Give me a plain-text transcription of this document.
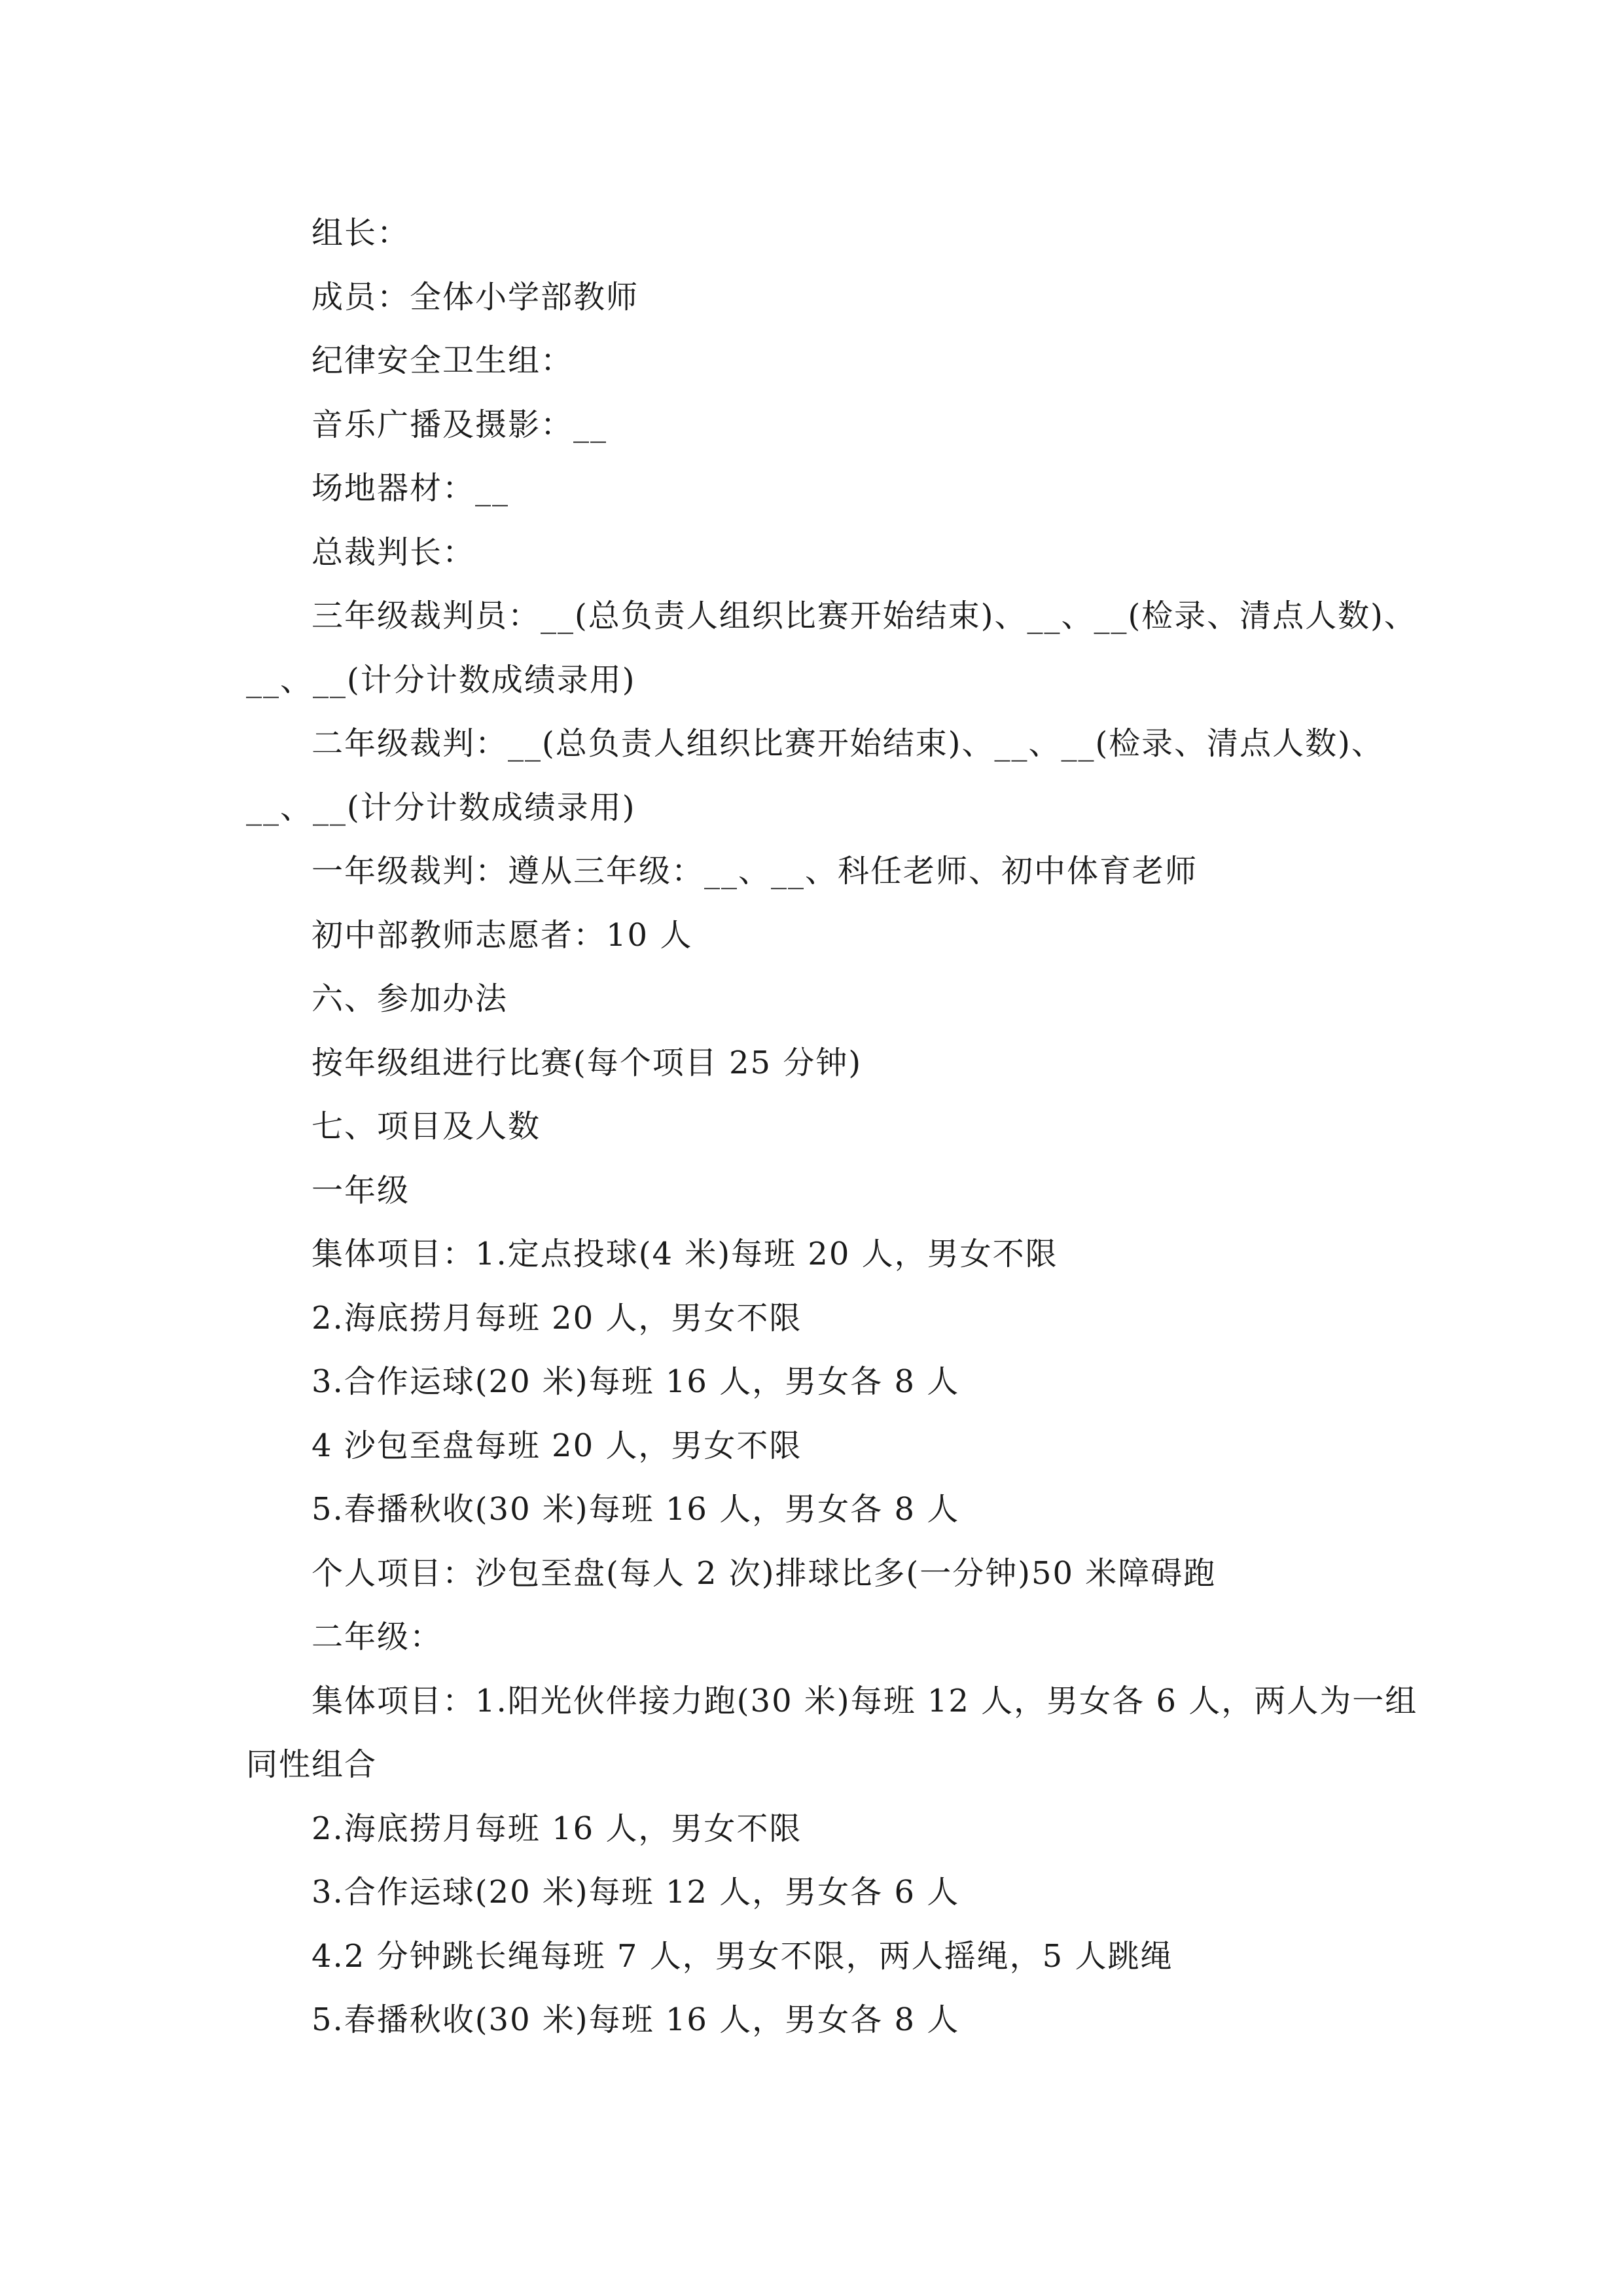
组长：
成员：全体小学部教师
纪律安全卫生组：
音乐广播及摄影：__
场地器材：__
总裁判长：
三年级裁判员：__(总负责人组织比赛开始结束)、__、__(检录、清点人数)、
__、__(计分计数成绩录用)
二年级裁判：__(总负责人组织比赛开始结束)、__、__(检录、清点人数)、
__、__(计分计数成绩录用)
一年级裁判：遵从三年级：__、__、科任老师、初中体育老师
初中部教师志愿者：10 人
六、参加办法
按年级组进行比赛(每个项目 25 分钟)
七、项目及人数
一年级
集体项目：1.定点投球(4 米)每班 20 人，男女不限
2.海底捞月每班 20 人，男女不限
3.合作运球(20 米)每班 16 人，男女各 8 人
4 沙包至盘每班 20 人，男女不限
5.春播秋收(30 米)每班 16 人，男女各 8 人
个人项目：沙包至盘(每人 2 次)排球比多(一分钟)50 米障碍跑
二年级：
集体项目：1.阳光伙伴接力跑(30 米)每班 12 人，男女各 6 人，两人为一组
同性组合
2.海底捞月每班 16 人，男女不限
3.合作运球(20 米)每班 12 人，男女各 6 人
4.2 分钟跳长绳每班 7 人，男女不限，两人摇绳，5 人跳绳
5.春播秋收(30 米)每班 16 人，男女各 8 人
